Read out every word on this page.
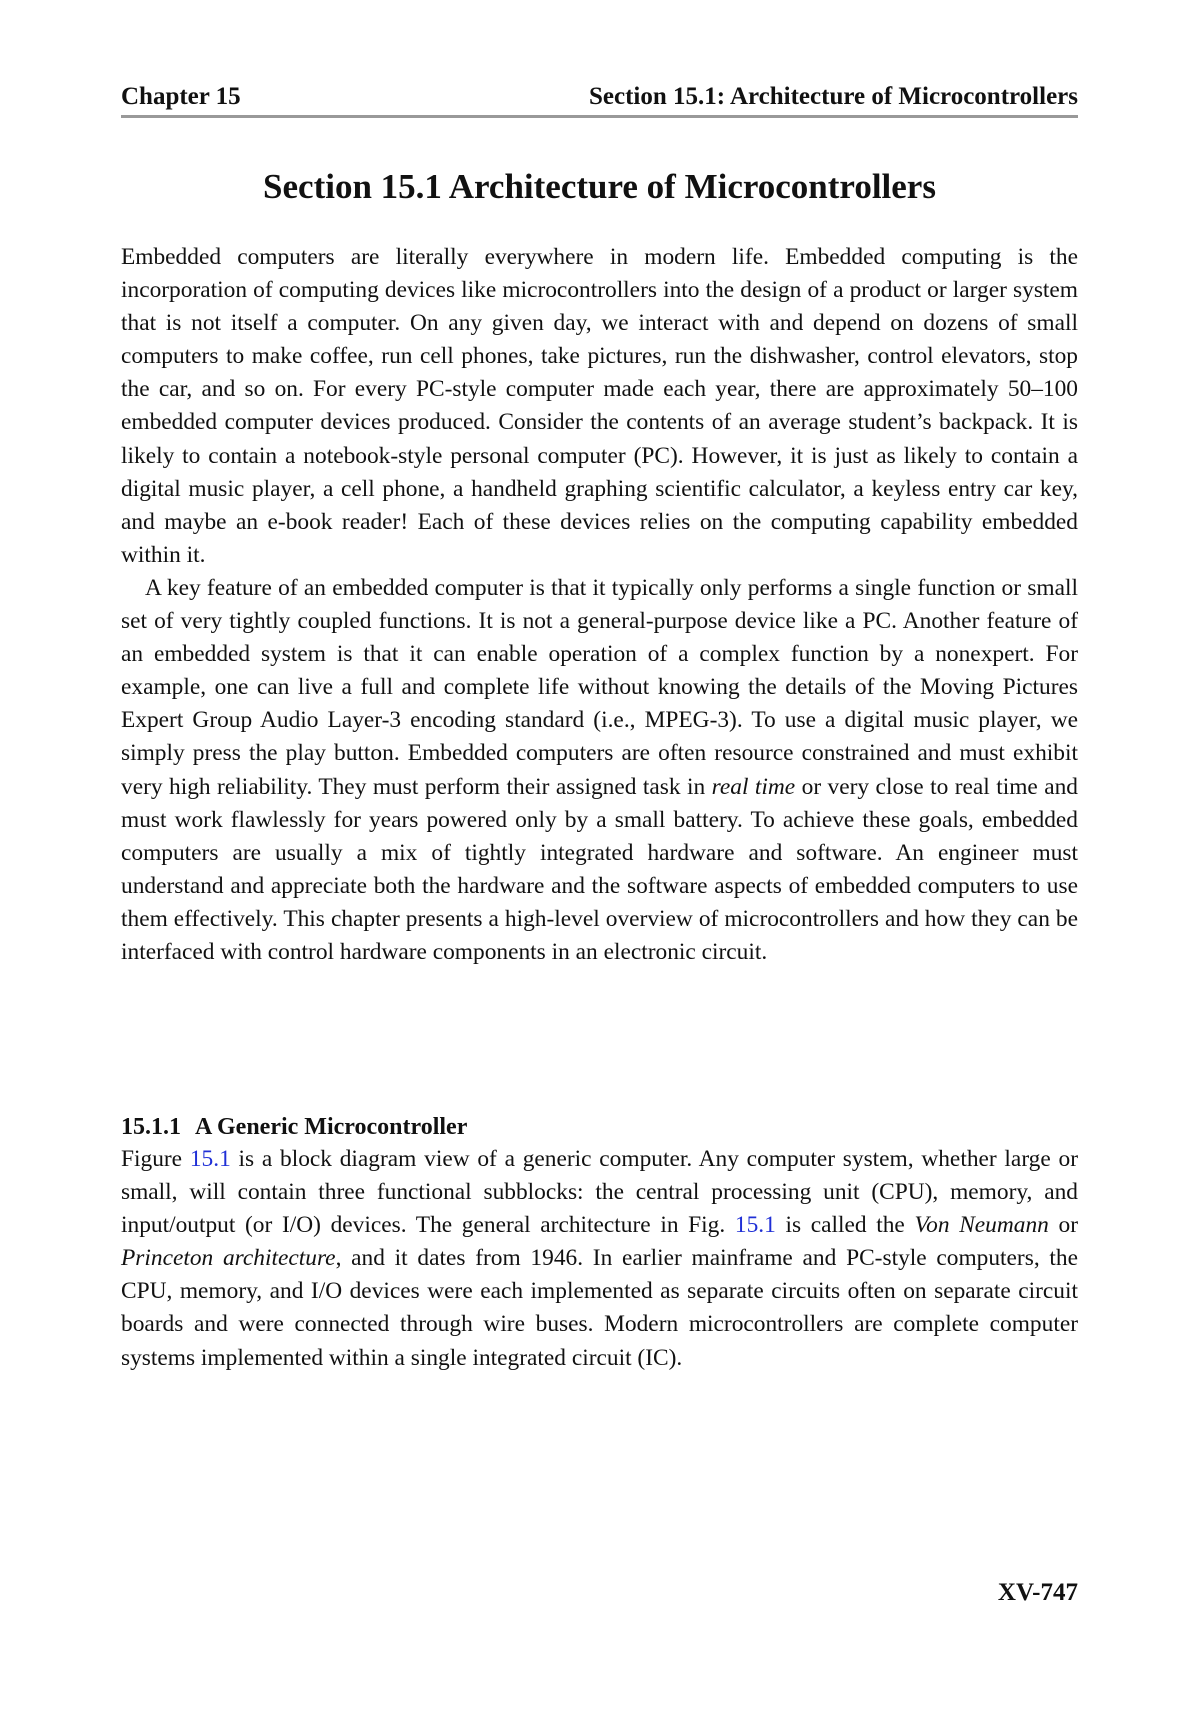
Chapter 15	Section 15.1: Architecture of Microcontrollers
Section 15.1 Architecture of Microcontrollers

Embedded computers are literally everywhere in modern life. Embedded computing is the incorporation of computing devices like microcontrollers into the design of a product or larger system that is not itself a computer. On any given day, we interact with and depend on dozens of small computers to make coffee, run cell phones, take pictures, run the dishwasher, control elevators, stop the car, and so on. For every PC-style computer made each year, there are approximately 50–100 embedded computer devices produced. Consider the contents of an average student’s backpack. It is likely to contain a notebook-style personal computer (PC). However, it is just as likely to contain a digital music player, a cell phone, a handheld graphing scientific calculator, a keyless entry car key, and maybe an e-book reader! Each of these devices relies on the computing capability embedded within it.

A key feature of an embedded computer is that it typically only performs a single function or small set of very tightly coupled functions. It is not a general-purpose device like a PC. Another feature of an embedded system is that it can enable operation of a complex function by a nonexpert. For example, one can live a full and complete life without knowing the details of the Moving Pictures Expert Group Audio Layer-3 encoding standard (i.e., MPEG-3). To use a digital music player, we simply press the play button. Embedded computers are often resource constrained and must exhibit very high reliability. They must perform their assigned task in real time or very close to real time and must work flawlessly for years powered only by a small battery. To achieve these goals, embedded computers are usually a mix of tightly integrated hardware and software. An engineer must understand and appreciate both the hardware and the software aspects of embedded computers to use them effectively. This chapter presents a high-level overview of microcontrollers and how they can be interfaced with control hardware components in an electronic circuit.

15.1.1 A Generic Microcontroller

Figure 15.1 is a block diagram view of a generic computer. Any computer system, whether large or small, will contain three functional subblocks: the central processing unit (CPU), memory, and input/output (or I/O) devices. The general architecture in Fig. 15.1 is called the Von Neumann or Princeton architecture, and it dates from 1946. In earlier mainframe and PC-style computers, the CPU, memory, and I/O devices were each implemented as separate circuits often on separate circuit boards and were connected through wire buses. Modern microcontrollers are complete computer systems implemented within a single integrated circuit (IC).

XV-747
